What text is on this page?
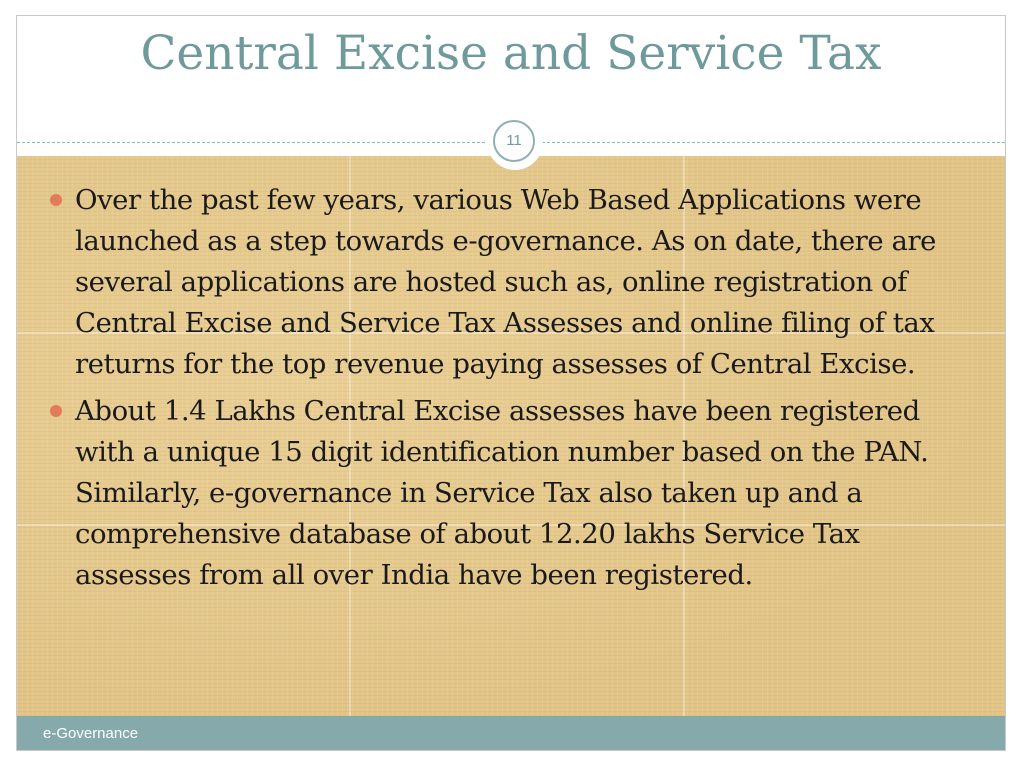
Central Excise and Service Tax
11
Over the past few years, various Web Based Applications were launched as a step towards e-governance. As on date, there are several applications are hosted such as, online registration of Central Excise and Service Tax Assesses and online filing of tax returns for the top revenue paying assesses of Central Excise.
About 1.4 Lakhs Central Excise assesses have been registered with a unique 15 digit identification number based on the PAN. Similarly, e-governance in Service Tax also taken up and a comprehensive database of about 12.20 lakhs Service Tax assesses from all over India have been registered.
e-Governance
